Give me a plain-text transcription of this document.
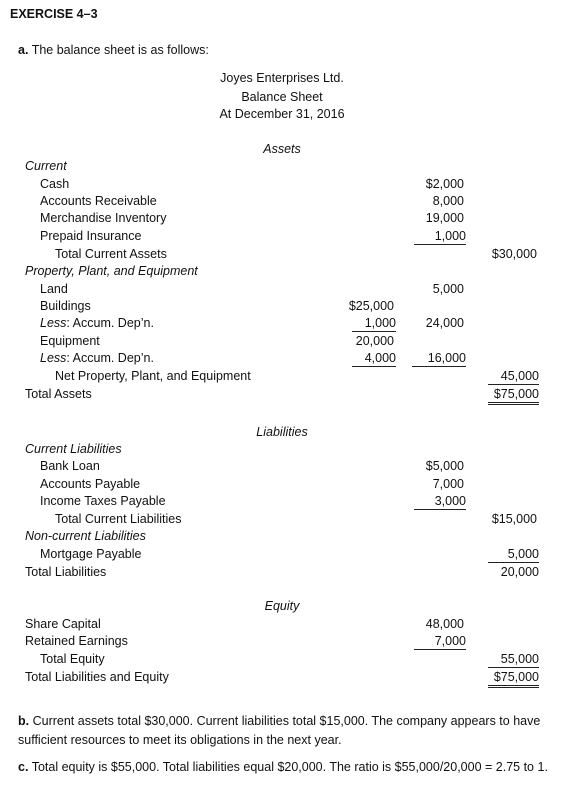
EXERCISE 4–3
a. The balance sheet is as follows:
Joyes Enterprises Ltd.
Balance Sheet
At December 31, 2016
Assets
Current
Cash	$2,000
Accounts Receivable	8,000
Merchandise Inventory	19,000
Prepaid Insurance	1,000
Total Current Assets	$30,000
Property, Plant, and Equipment
Land	5,000
Buildings	$25,000
Less: Accum. Dep’n.	1,000	24,000
Equipment	20,000
Less: Accum. Dep’n.	4,000	16,000
Net Property, Plant, and Equipment	45,000
Total Assets	$75,000
Liabilities
Current Liabilities
Bank Loan	$5,000
Accounts Payable	7,000
Income Taxes Payable	3,000
Total Current Liabilities	$15,000
Non-current Liabilities
Mortgage Payable	5,000
Total Liabilities	20,000
Equity
Share Capital	48,000
Retained Earnings	7,000
Total Equity	55,000
Total Liabilities and Equity	$75,000
b. Current assets total $30,000. Current liabilities total $15,000. The company appears to have sufficient resources to meet its obligations in the next year.
c. Total equity is $55,000. Total liabilities equal $20,000. The ratio is $55,000/20,000 = 2.75 to 1.
